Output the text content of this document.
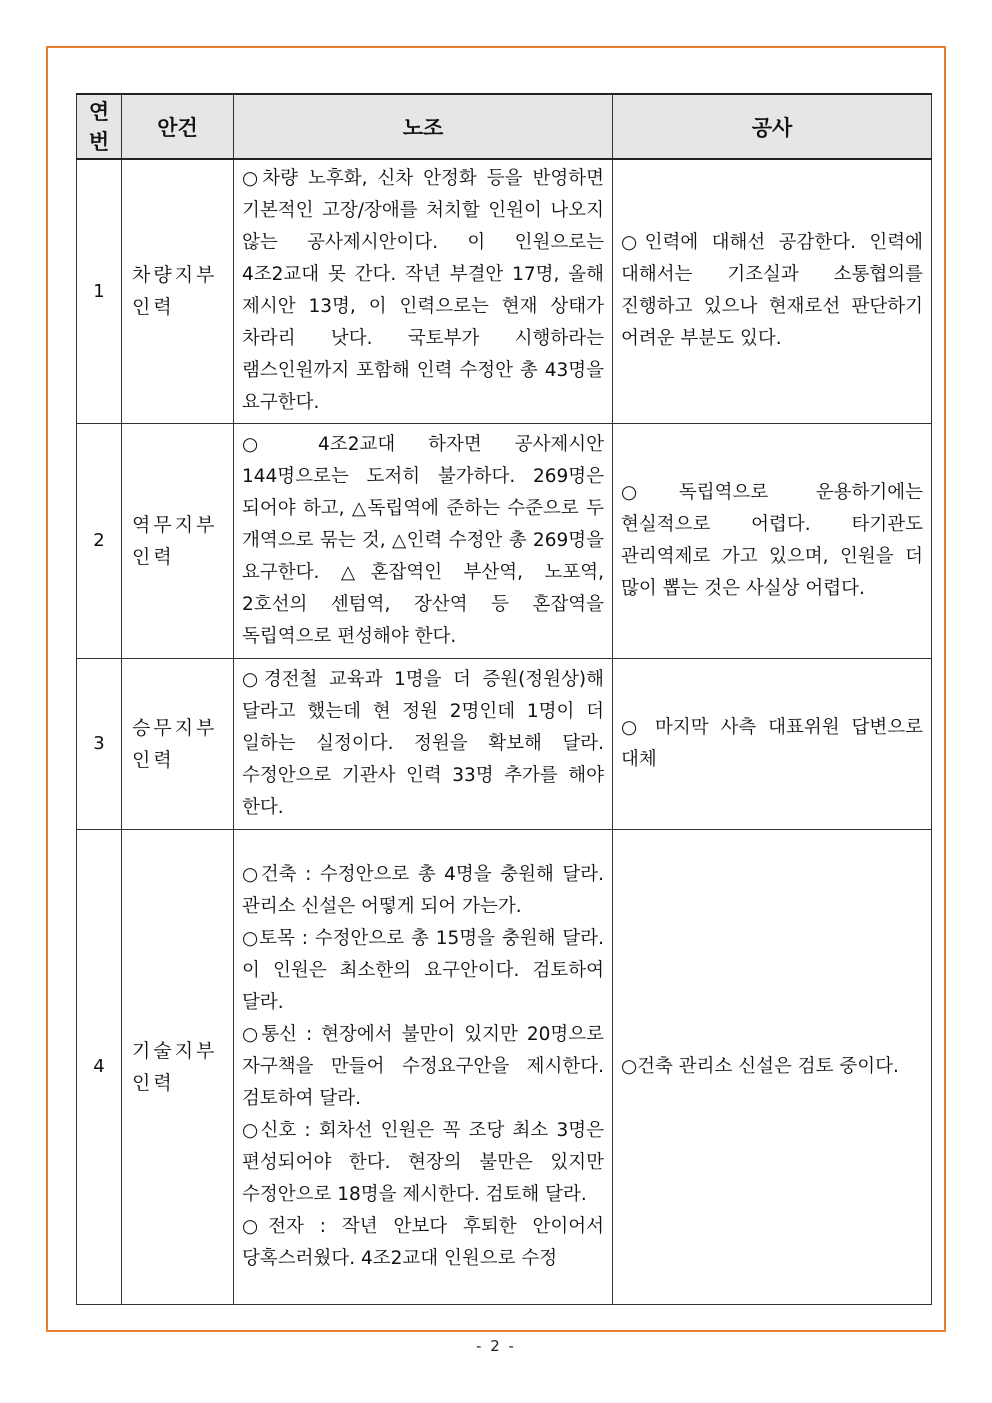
연번	안건	노조	공사
1	차량지부 인력	○차량 노후화, 신차 안정화 등을 반영하면 기본적인 고장/장애를 처치할 인원이 나오지 않는 공사제시안이다. 이 인원으로는 4조2교대 못 간다. 작년 부결안 17명, 올해 제시안 13명, 이 인력으로는 현재 상태가 차라리 낫다. 국토부가 시행하라는 램스인원까지 포함해 인력 수정안 총 43명을 요구한다.	○인력에 대해선 공감한다. 인력에 대해서는 기조실과 소통협의를 진행하고 있으나 현재로선 판단하기 어려운 부분도 있다.
2	역무지부 인력	○ 4조2교대 하자면 공사제시안 144명으로는 도저히 불가하다. 269명은 되어야 하고, △독립역에 준하는 수준으로 두 개역으로 묶는 것, △인력 수정안 총 269명을 요구한다. △혼잡역인 부산역, 노포역, 2호선의 센텀역, 장산역 등 혼잡역을 독립역으로 편성해야 한다.	○독립역으로 운용하기에는 현실적으로 어렵다. 타기관도 관리역제로 가고 있으며, 인원을 더 많이 뽑는 것은 사실상 어렵다.
3	승무지부 인력	○경전철 교육과 1명을 더 증원(정원상)해 달라고 했는데 현 정원 2명인데 1명이 더 일하는 실정이다. 정원을 확보해 달라. 수정안으로 기관사 인력 33명 추가를 해야 한다.	○ 마지막 사측 대표위원 답변으로 대체
4	기술지부 인력	○건축 : 수정안으로 총 4명을 충원해 달라. 관리소 신설은 어떻게 되어 가는가.
○토목 : 수정안으로 총 15명을 충원해 달라. 이 인원은 최소한의 요구안이다. 검토하여 달라.
○통신 : 현장에서 불만이 있지만 20명으로 자구책을 만들어 수정요구안을 제시한다. 검토하여 달라.
○신호 : 회차선 인원은 꼭 조당 최소 3명은 편성되어야 한다. 현장의 불만은 있지만 수정안으로 18명을 제시한다. 검토해 달라.
○전자 : 작년 안보다 후퇴한 안이어서 당혹스러웠다. 4조2교대 인원으로 수정	○건축 관리소 신설은 검토 중이다.
- 2 -
